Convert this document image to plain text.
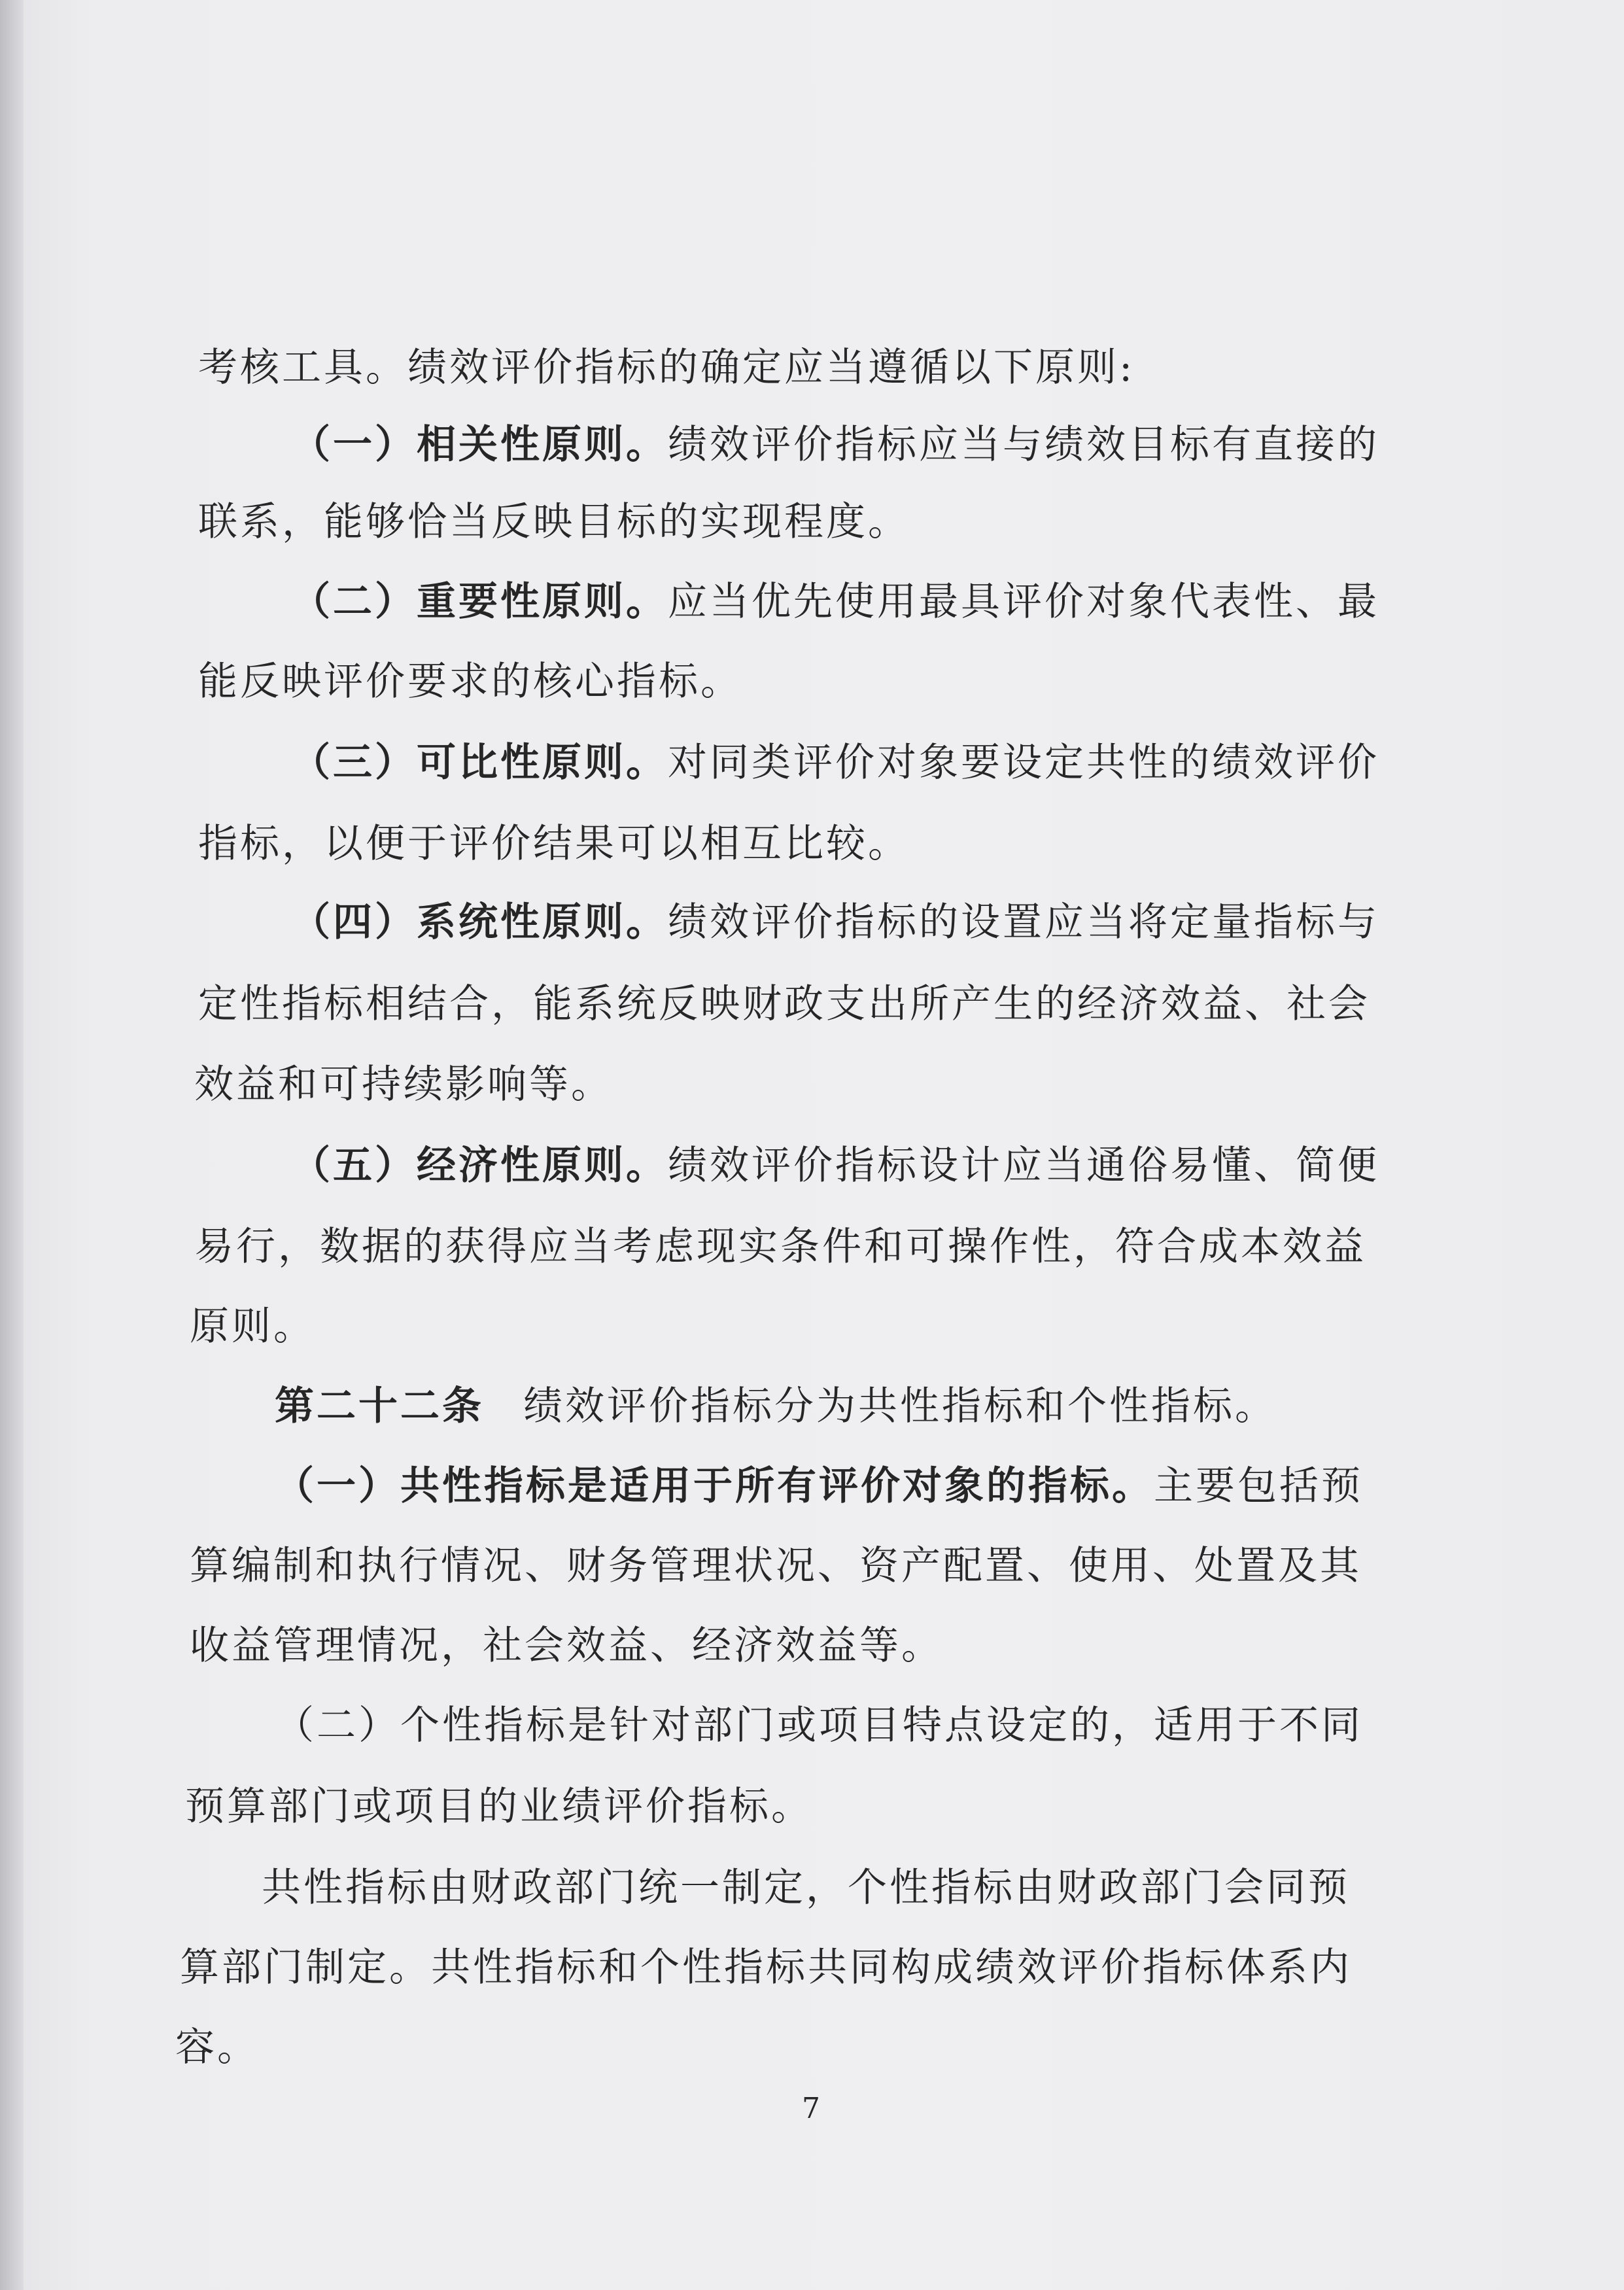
考核工具。绩效评价指标的确定应当遵循以下原则:
（一）相关性原则。绩效评价指标应当与绩效目标有直接的
联系，能够恰当反映目标的实现程度。
（二）重要性原则。应当优先使用最具评价对象代表性、最
能反映评价要求的核心指标。
（三）可比性原则。对同类评价对象要设定共性的绩效评价
指标，以便于评价结果可以相互比较。
（四）系统性原则。绩效评价指标的设置应当将定量指标与
定性指标相结合，能系统反映财政支出所产生的经济效益、社会
效益和可持续影响等。
（五）经济性原则。绩效评价指标设计应当通俗易懂、简便
易行，数据的获得应当考虑现实条件和可操作性，符合成本效益
原则。
第二十二条 绩效评价指标分为共性指标和个性指标。
（一）共性指标是适用于所有评价对象的指标。主要包括预
算编制和执行情况、财务管理状况、资产配置、使用、处置及其
收益管理情况，社会效益、经济效益等。
（二）个性指标是针对部门或项目特点设定的，适用于不同
预算部门或项目的业绩评价指标。
共性指标由财政部门统一制定，个性指标由财政部门会同预
算部门制定。共性指标和个性指标共同构成绩效评价指标体系内
容。
7
